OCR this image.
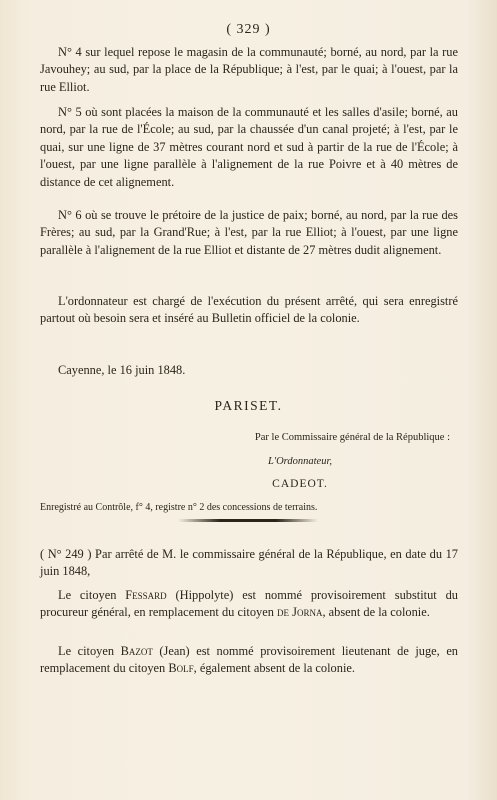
( 329 )

N° 4 sur lequel repose le magasin de la communauté; borné, au nord, par la rue Javouhey; au sud, par la place de la République; à l'est, par le quai; à l'ouest, par la rue Elliot.

N° 5 où sont placées la maison de la communauté et les salles d'asile; borné, au nord, par la rue de l'École; au sud, par la chaussée d'un canal projeté; à l'est, par le quai, sur une ligne de 37 mètres courant nord et sud à partir de la rue de l'École; à l'ouest, par une ligne parallèle à l'alignement de la rue Poivre et à 40 mètres de distance de cet alignement.

N° 6 où se trouve le prétoire de la justice de paix; borné, au nord, par la rue des Frères; au sud, par la Grand'Rue; à l'est, par la rue Elliot; à l'ouest, par une ligne parallèle à l'alignement de la rue Elliot et distante de 27 mètres dudit alignement.

L'ordonnateur est chargé de l'exécution du présent arrêté, qui sera enregistré partout où besoin sera et inséré au Bulletin officiel de la colonie.

Cayenne, le 16 juin 1848.

PARISET.
Par le Commissaire général de la République :
L'Ordonnateur,
CADEOT.
Enregistré au Contrôle, f° 4, registre n° 2 des concessions de terrains.

( N° 249 ) Par arrêté de M. le commissaire général de la République, en date du 17 juin 1848,

Le citoyen Fessard (Hippolyte) est nommé provisoirement substitut du procureur général, en remplacement du citoyen de Jorna, absent de la colonie.

Le citoyen Bazot (Jean) est nommé provisoirement lieutenant de juge, en remplacement du citoyen Bolf, également absent de la colonie.
